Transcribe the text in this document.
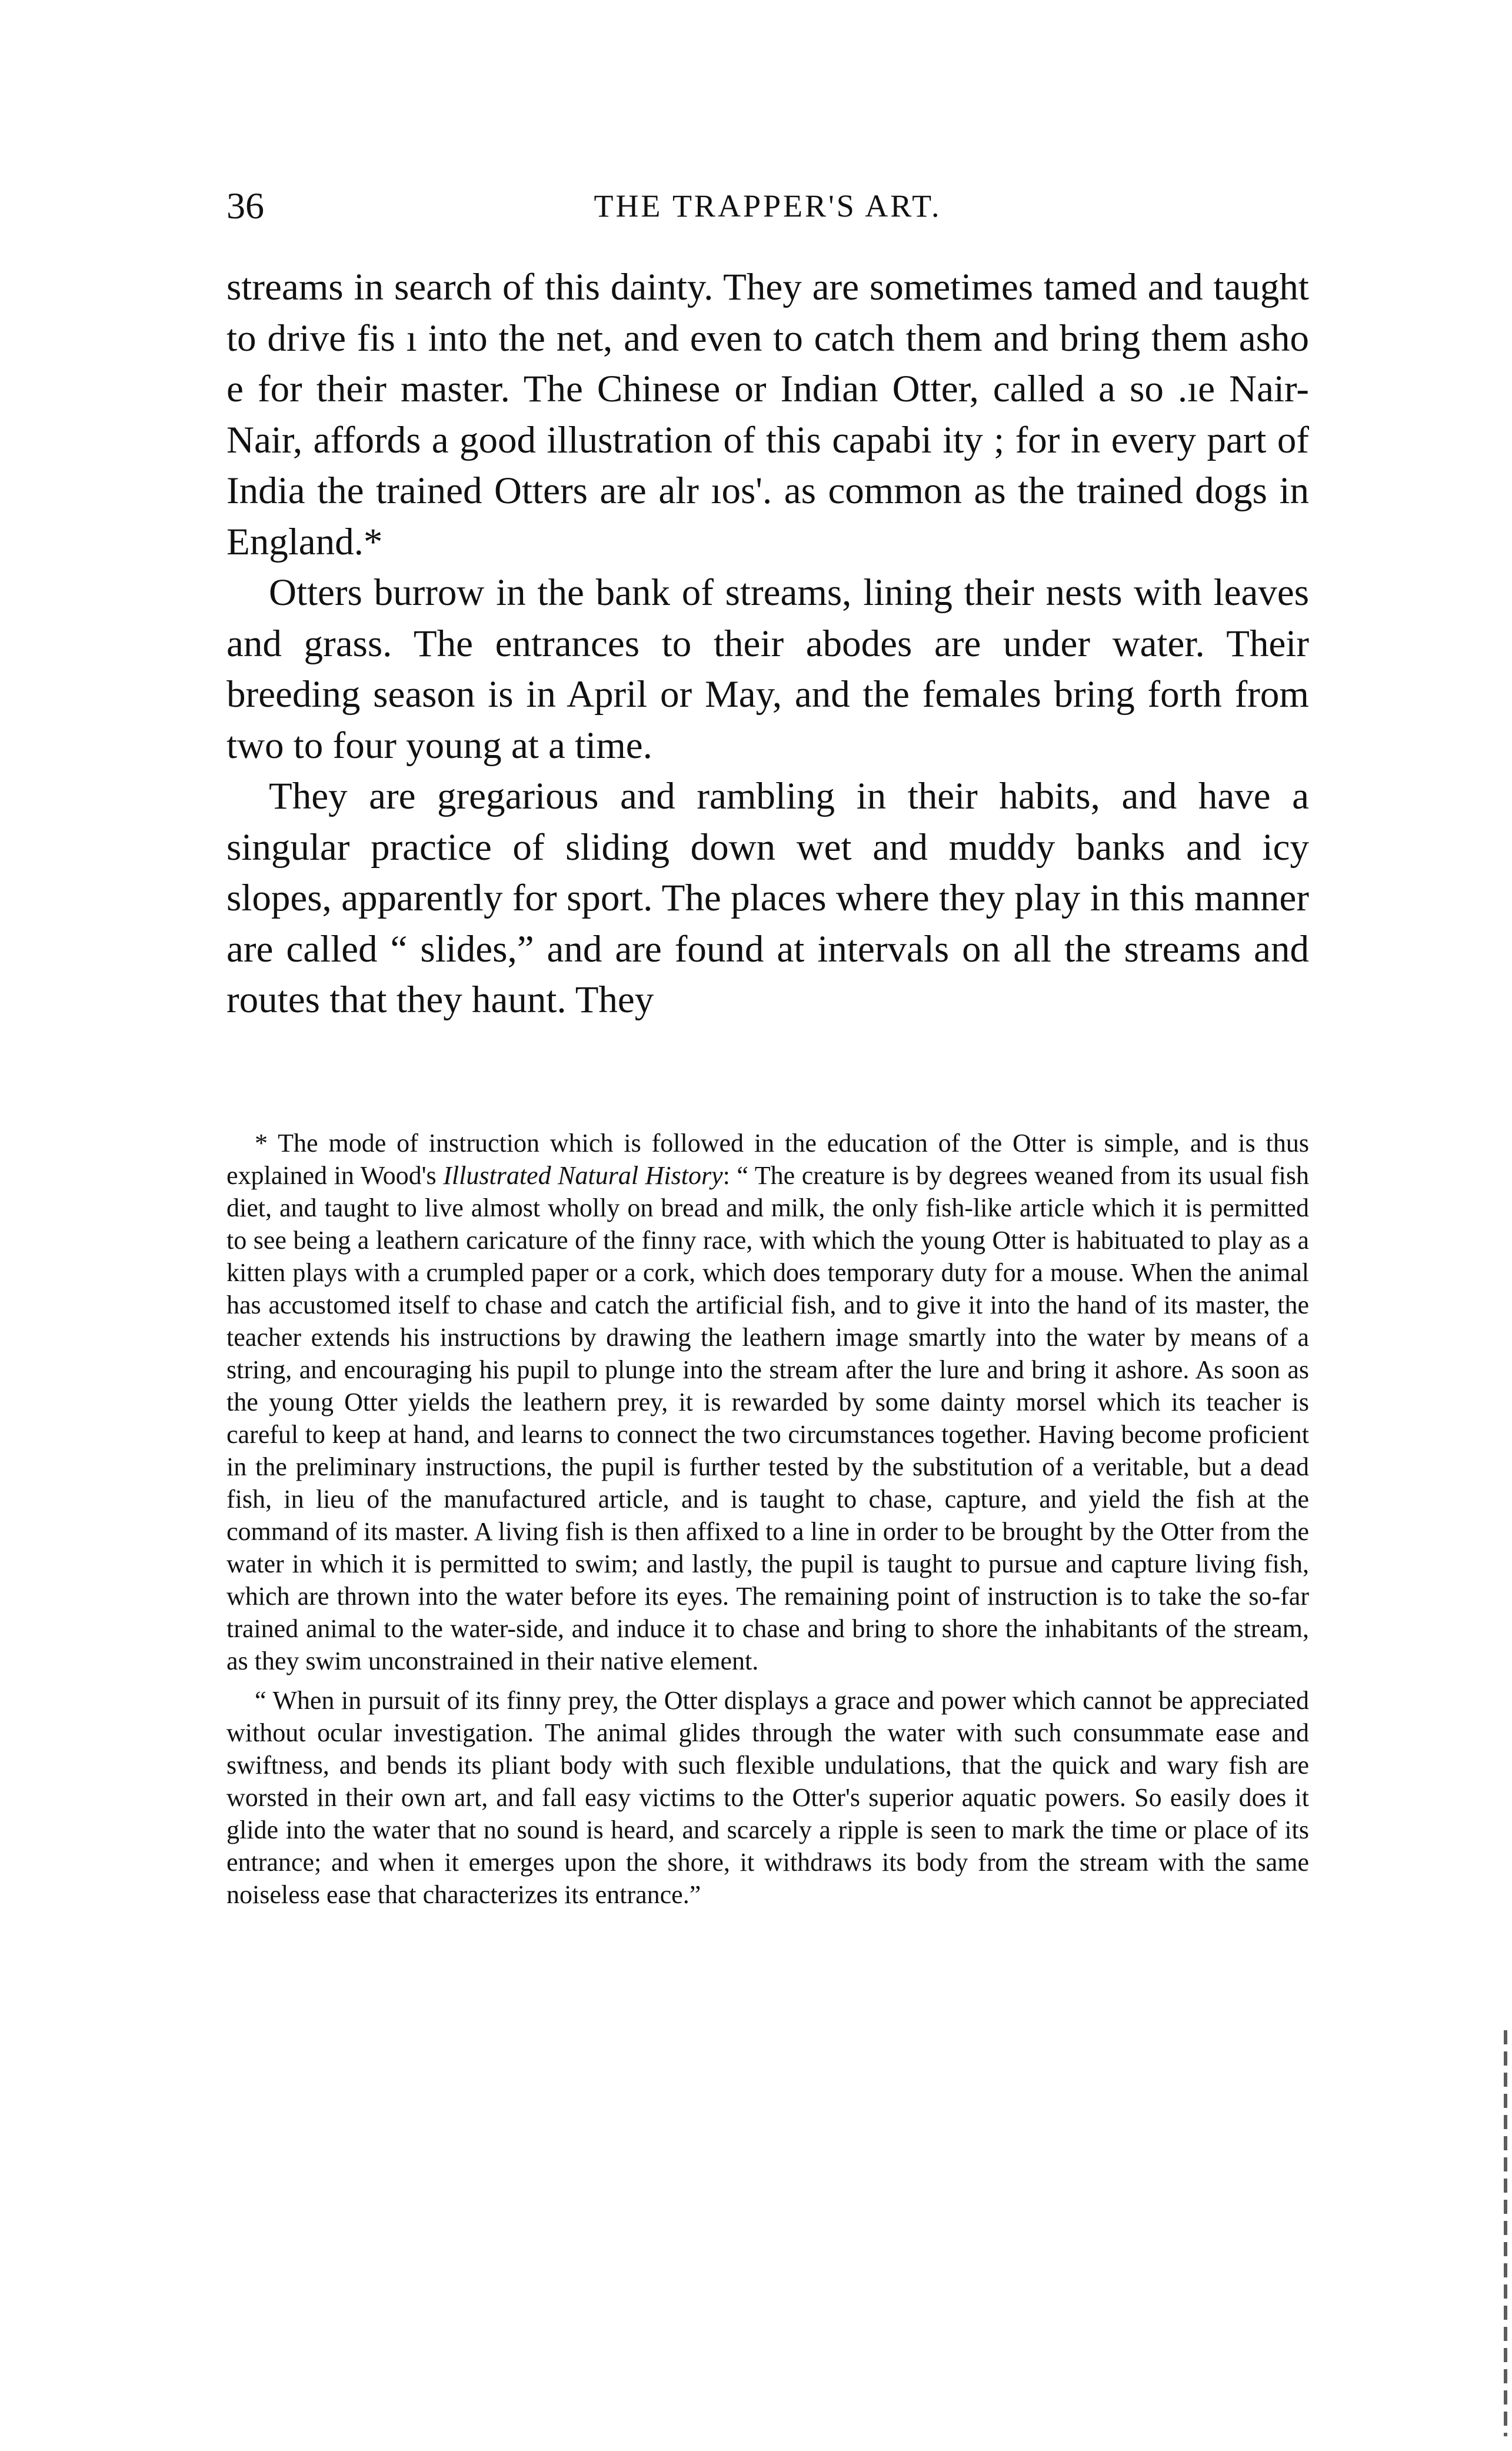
36	THE TRAPPER'S ART.

streams in search of this dainty. They are sometimes tamed and taught to drive fis ı into the net, and even to catch them and bring them asho e for their master. The Chinese or Indian Otter, called a so .ıe Nair-Nair, affords a good illustration of this capabi ity ; for in every part of India the trained Otters are alr ıos'. as common as the trained dogs in England.*

Otters burrow in the bank of streams, lining their nests with leaves and grass. The entrances to their abodes are under water. Their breeding season is in April or May, and the females bring forth from two to four young at a time.

They are gregarious and rambling in their habits, and have a singular practice of sliding down wet and muddy banks and icy slopes, apparently for sport. The places where they play in this manner are called “ slides,” and are found at intervals on all the streams and routes that they haunt. They

* The mode of instruction which is followed in the education of the Otter is simple, and is thus explained in Wood's Illustrated Natural History: “ The creature is by degrees weaned from its usual fish diet, and taught to live almost wholly on bread and milk, the only fish-like article which it is permitted to see being a leathern caricature of the finny race, with which the young Otter is habituated to play as a kitten plays with a crumpled paper or a cork, which does temporary duty for a mouse. When the animal has accustomed itself to chase and catch the artificial fish, and to give it into the hand of its master, the teacher extends his instructions by drawing the leathern image smartly into the water by means of a string, and encouraging his pupil to plunge into the stream after the lure and bring it ashore. As soon as the young Otter yields the leathern prey, it is rewarded by some dainty morsel which its teacher is careful to keep at hand, and learns to connect the two circumstances together. Having become proficient in the preliminary instructions, the pupil is further tested by the substitution of a veritable, but a dead fish, in lieu of the manufactured article, and is taught to chase, capture, and yield the fish at the command of its master. A living fish is then affixed to a line in order to be brought by the Otter from the water in which it is permitted to swim; and lastly, the pupil is taught to pursue and capture living fish, which are thrown into the water before its eyes. The remaining point of instruction is to take the so-far trained animal to the water-side, and induce it to chase and bring to shore the inhabitants of the stream, as they swim unconstrained in their native element.

“ When in pursuit of its finny prey, the Otter displays a grace and power which cannot be appreciated without ocular investigation. The animal glides through the water with such consummate ease and swiftness, and bends its pliant body with such flexible undulations, that the quick and wary fish are worsted in their own art, and fall easy victims to the Otter's superior aquatic powers. So easily does it glide into the water that no sound is heard, and scarcely a ripple is seen to mark the time or place of its entrance; and when it emerges upon the shore, it withdraws its body from the stream with the same noiseless ease that characterizes its entrance.”
